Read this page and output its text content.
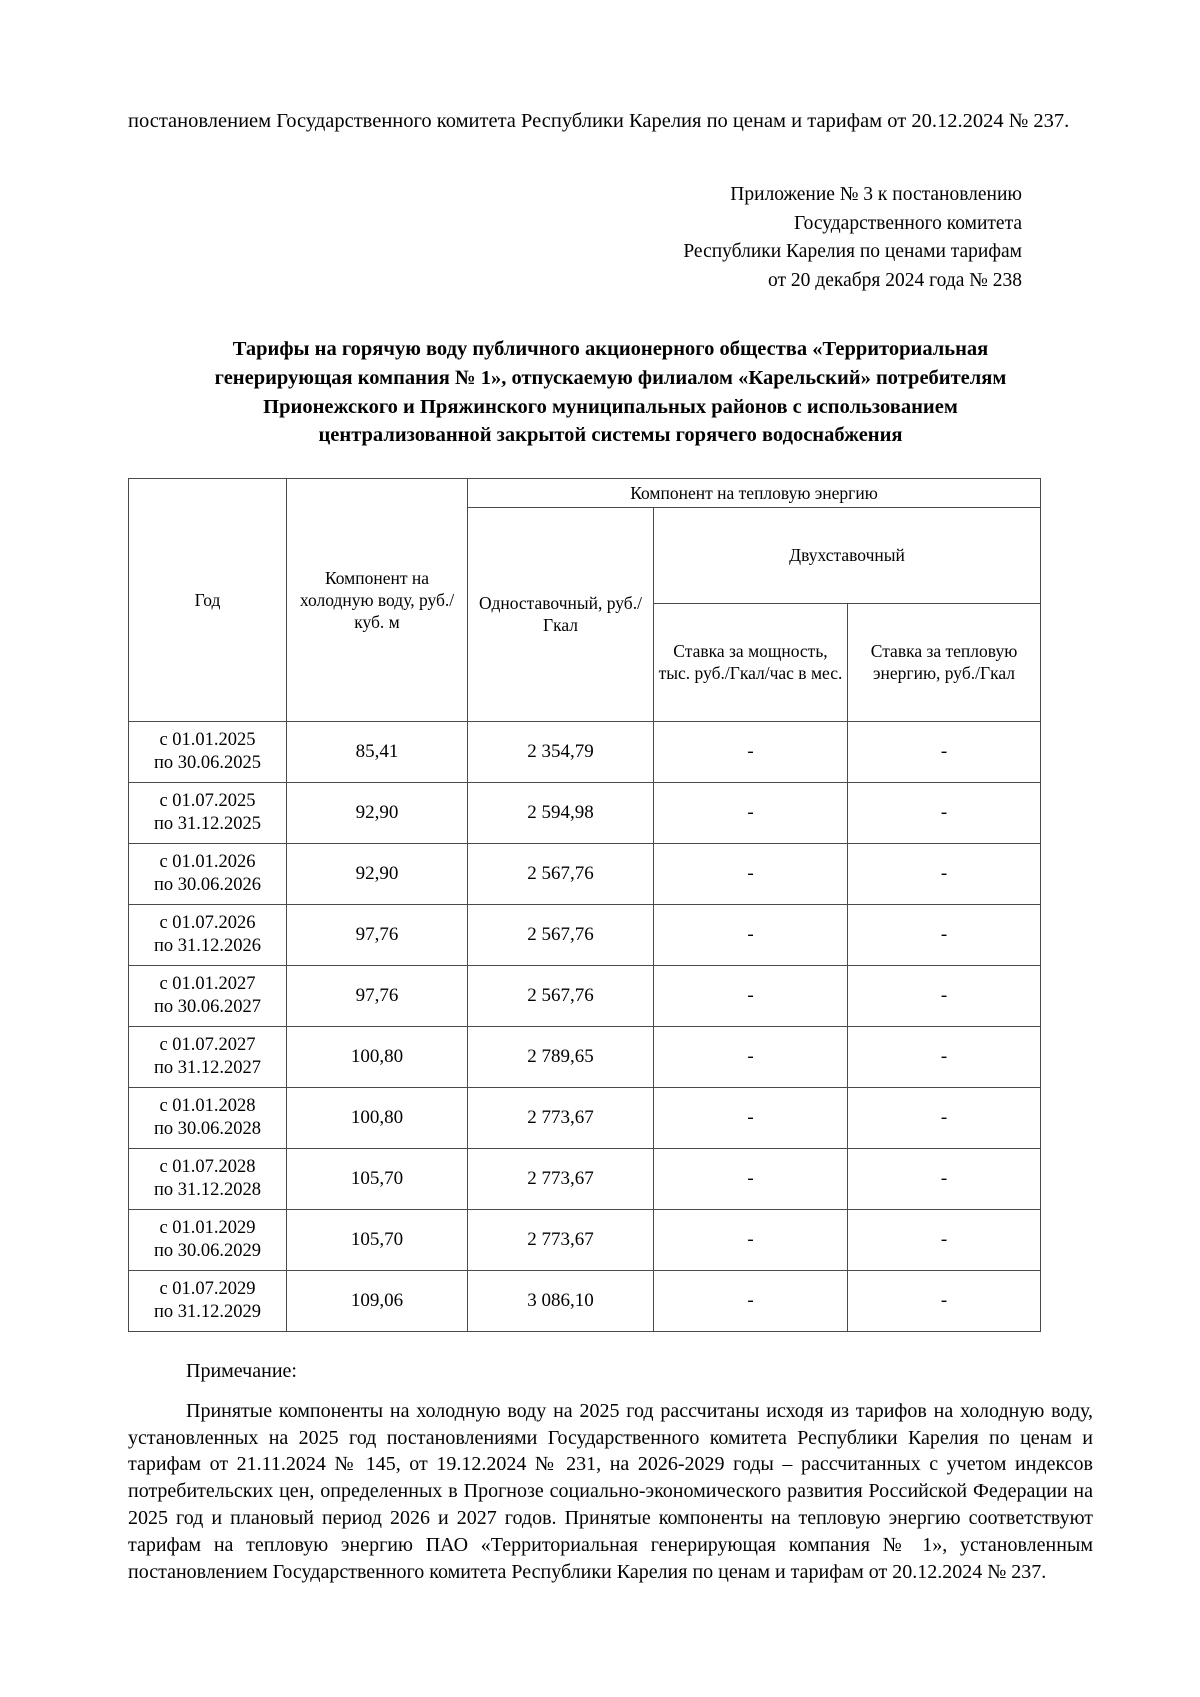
постановлением Государственного комитета Республики Карелия по ценам и тарифам от 20.12.2024 № 237.

Приложение № 3 к постановлению
Государственного комитета
Республики Карелия по ценами тарифам
от 20 декабря 2024 года № 238
Тарифы на горячую воду публичного акционерного общества «Территориальная
генерирующая компания № 1», отпускаемую филиалом «Карельский» потребителям
Прионежского и Пряжинского муниципальных районов с использованием
централизованной закрытой системы горячего водоснабжения
Год	Компонент на холодную воду, руб./куб. м	Компонент на тепловую энергию		
		Одноставочный, руб./Гкал	Двухставочный	
			Ставка за мощность, тыс. руб./Гкал/час в мес.	Ставка за тепловую энергию, руб./Гкал

с 01.01.2025
по 30.06.2025	85,41	2 354,79	-	-

с 01.07.2025
по 31.12.2025	92,90	2 594,98	-	-

с 01.01.2026
по 30.06.2026	92,90	2 567,76	-	-

с 01.07.2026
по 31.12.2026	97,76	2 567,76	-	-

с 01.01.2027
по 30.06.2027	97,76	2 567,76	-	-

с 01.07.2027
по 31.12.2027	100,80	2 789,65	-	-

с 01.01.2028
по 30.06.2028	100,80	2 773,67	-	-

с 01.07.2028
по 31.12.2028	105,70	2 773,67	-	-

с 01.01.2029
по 30.06.2029	105,70	2 773,67	-	-

с 01.07.2029
по 31.12.2029	109,06	3 086,10	-	-
Примечание:
Принятые компоненты на холодную воду на 2025 год рассчитаны исходя из тарифов на холодную воду, установленных на 2025 год постановлениями Государственного комитета Республики Карелия по ценам и тарифам от 21.11.2024 № 145, от 19.12.2024 № 231, на 2026-2029 годы – рассчитанных с учетом индексов потребительских цен, определенных в Прогнозе социально-экономического развития Российской Федерации на 2025 год и плановый период 2026 и 2027 годов. Принятые компоненты на тепловую энергию соответствуют тарифам на тепловую энергию ПАО «Территориальная генерирующая компания № 1», установленным постановлением Государственного комитета Республики Карелия по ценам и тарифам от 20.12.2024 № 237.
